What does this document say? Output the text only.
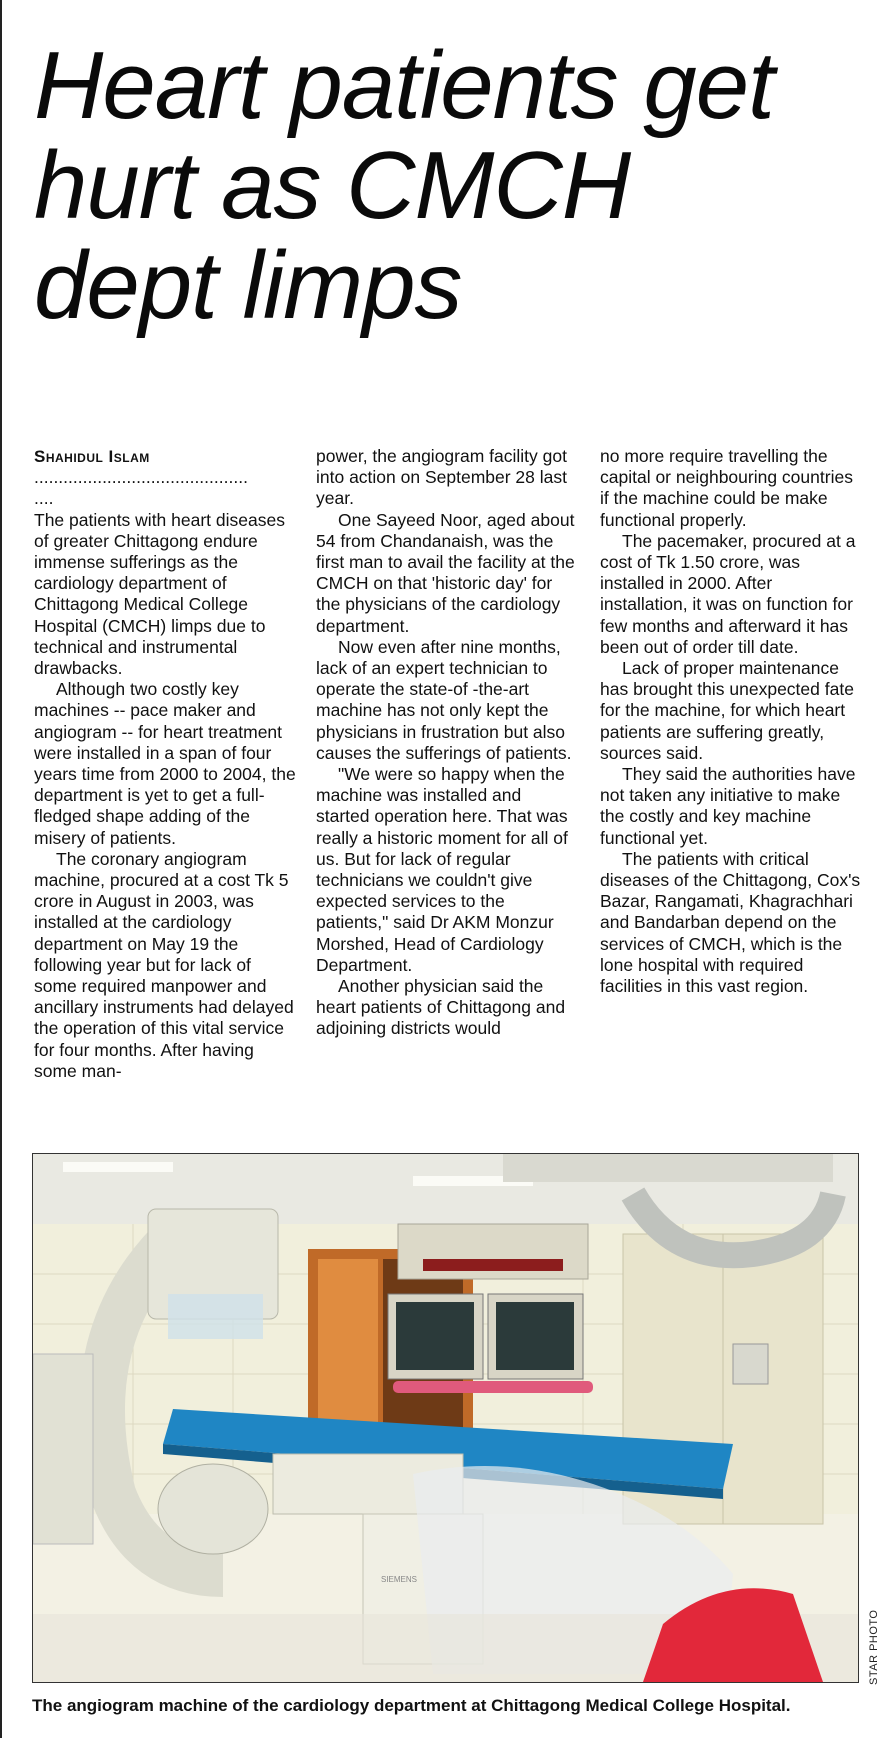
Heart patients get
hurt as CMCH
dept limps
Shahidul Islam
............................................
....

The patients with heart diseases of greater Chittagong endure immense sufferings as the cardiology department of Chittagong Medical College Hospital (CMCH) limps due to technical and instrumental drawbacks.

Although two costly key machines -- pace maker and angiogram -- for heart treatment were installed in a span of four years time from 2000 to 2004, the department is yet to get a full-fledged shape adding of the misery of patients.

The coronary angiogram machine, procured at a cost Tk 5 crore in August in 2003, was installed at the cardiology department on May 19 the following year but for lack of some required manpower and ancillary instruments had delayed the operation of this vital service for four months. After having some man-

power, the angiogram facility got into action on September 28 last year.

One Sayeed Noor, aged about 54 from Chandanaish, was the first man to avail the facility at the CMCH on that 'historic day' for the physicians of the cardiology department.

Now even after nine months, lack of an expert technician to operate the state-of -the-art machine has not only kept the physicians in frustration but also causes the sufferings of patients.

"We were so happy when the machine was installed and started operation here. That was really a historic moment for all of us. But for lack of regular technicians we couldn't give expected services to the patients," said Dr AKM Monzur Morshed, Head of Cardiology Department.

Another physician said the heart patients of Chittagong and adjoining districts would

no more require travelling the capital or neighbouring countries if the machine could be make functional properly.

The pacemaker, procured at a cost of Tk 1.50 crore, was installed in 2000. After installation, it was on function for few months and afterward it has been out of order till date.

Lack of proper maintenance has brought this unexpected fate for the machine, for which heart patients are suffering greatly, sources said.

They said the authorities have not taken any initiative to make the costly and key machine functional yet.

The patients with critical diseases of the Chittagong, Cox's Bazar, Rangamati, Khagrachhari and Bandarban depend on the services of CMCH, which is the lone hospital with required facilities in this vast region.

SIEMENS
STAR PHOTO
The angiogram machine of the cardiology department at Chittagong Medical College Hospital.
